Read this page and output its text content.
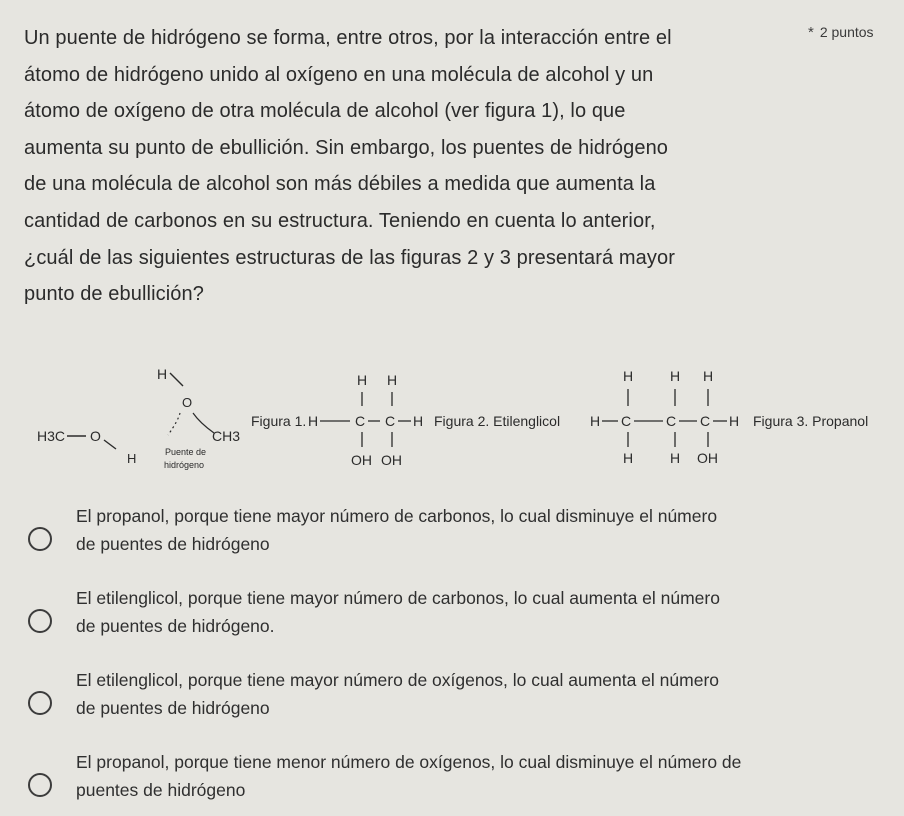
Un puente de hidrógeno se forma, entre otros, por la interacción entre el
átomo de hidrógeno unido al oxígeno en una molécula de alcohol y un
átomo de oxígeno de otra molécula de alcohol (ver figura 1), lo que
aumenta su punto de ebullición. Sin embargo, los puentes de hidrógeno
de una molécula de alcohol son más débiles a medida que aumenta la
cantidad de carbonos en su estructura. Teniendo en cuenta lo anterior,
¿cuál de las siguientes estructuras de las figuras 2 y 3 presentará mayor
punto de ebullición?
* 2 puntos
H
O
H3C O
H	Puente de
hidrógeno
CH3
Figura 1.
H H
H	C C H
OH OH
Figura 2. Etilenglicol
H	H H
H C C C H
H	H OH
Figura 3. Propanol
El propanol, porque tiene mayor número de carbonos, lo cual disminuye el número
de puentes de hidrógeno
El etilenglicol, porque tiene mayor número de carbonos, lo cual aumenta el número
de puentes de hidrógeno.
El etilenglicol, porque tiene mayor número de oxígenos, lo cual aumenta el número
de puentes de hidrógeno
El propanol, porque tiene menor número de oxígenos, lo cual disminuye el número de
puentes de hidrógeno
